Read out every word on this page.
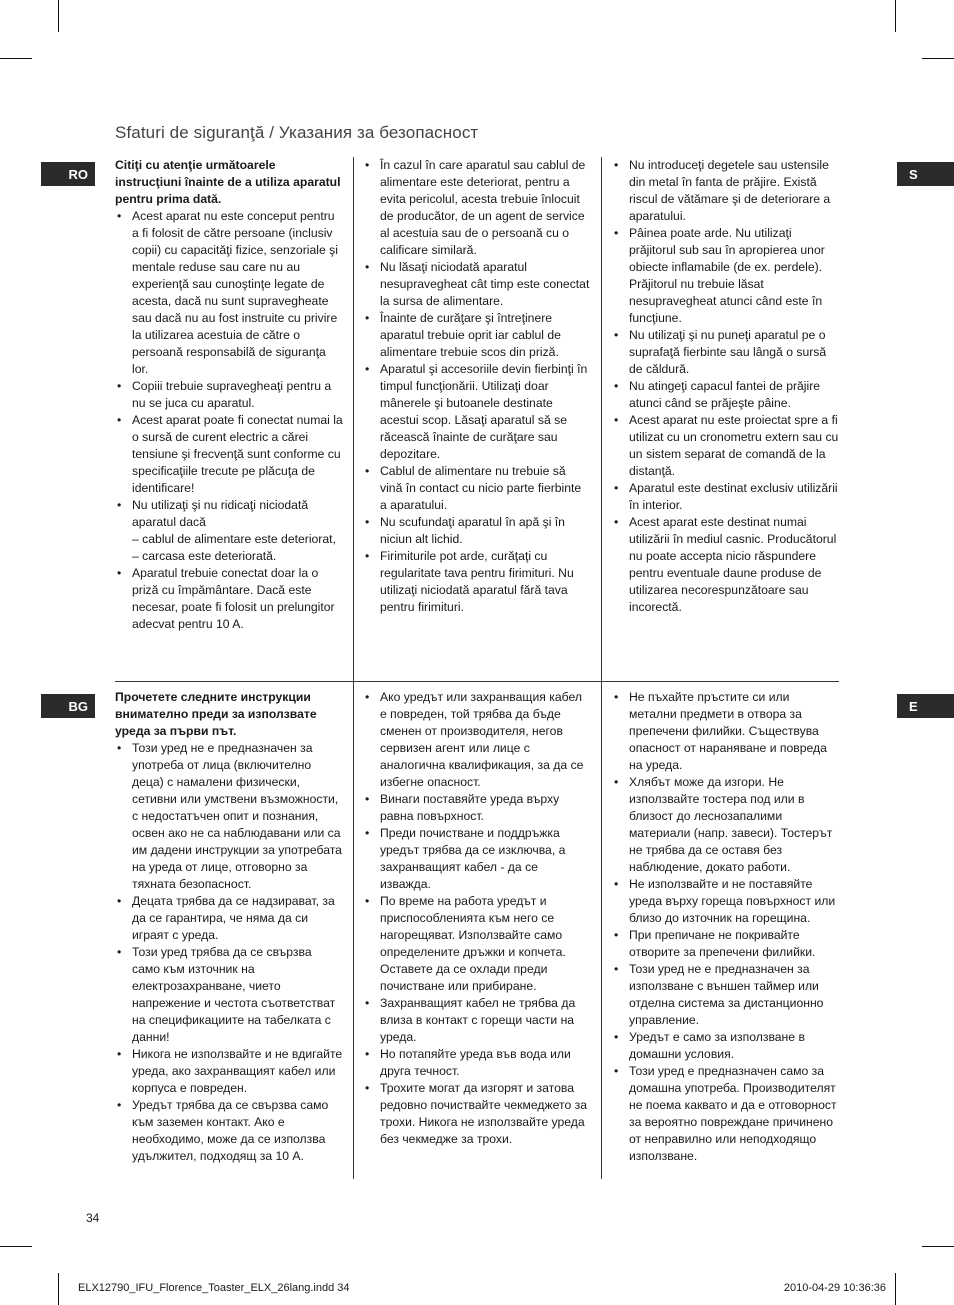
Sfaturi de siguranţă / Указания за безопасност
RO	S

Citiţi cu atenţie următoarele instrucţiuni înainte de a utiliza aparatul pentru prima dată.

• Acest aparat nu este conceput pentru a fi folosit de către persoane (inclusiv copii) cu capacităţi fizice, senzoriale şi mentale reduse sau care nu au experienţă sau cunoştinţe legate de acesta, dacă nu sunt supravegheate sau dacă nu au fost instruite cu privire la utilizarea acestuia de către o persoană responsabilă de siguranţa lor.
• Copiii trebuie supravegheaţi pentru a nu se juca cu aparatul.
• Acest aparat poate fi conectat numai la o sursă de curent electric a cărei tensiune şi frecvenţă sunt conforme cu specificaţiile trecute pe plăcuţa de identificare!
• Nu utilizaţi şi nu ridicaţi niciodată aparatul dacă
– cablul de alimentare este deteriorat,
– carcasa este deteriorată.
• Aparatul trebuie conectat doar la o priză cu împământare. Dacă este necesar, poate fi folosit un prelungitor adecvat pentru 10 A.
• În cazul în care aparatul sau cablul de alimentare este deteriorat, pentru a evita pericolul, acesta trebuie înlocuit de producător, de un agent de service al acestuia sau de o persoană cu o calificare similară.
• Nu lăsaţi niciodată aparatul nesupravegheat cât timp este conectat la sursa de alimentare.
• Înainte de curăţare şi întreţinere aparatul trebuie oprit iar cablul de alimentare trebuie scos din priză.
• Aparatul şi accesoriile devin fierbinţi în timpul funcţionării. Utilizaţi doar mânerele şi butoanele destinate acestui scop. Lăsaţi aparatul să se răcească înainte de curăţare sau depozitare.
• Cablul de alimentare nu trebuie să vină în contact cu nicio parte fierbinte a aparatului.
• Nu scufundaţi aparatul în apă şi în niciun alt lichid.
• Firimiturile pot arde, curăţaţi cu regularitate tava pentru firimituri. Nu utilizaţi niciodată aparatul fără tava pentru firimituri.
• Nu introduceţi degetele sau ustensile din metal în fanta de prăjire. Există riscul de vătămare şi de deteriorare a aparatului.
• Pâinea poate arde. Nu utilizaţi prăjitorul sub sau în apropierea unor obiecte inflamabile (de ex. perdele). Prăjitorul nu trebuie lăsat nesupravegheat atunci când este în funcţiune.
• Nu utilizaţi şi nu puneţi aparatul pe o suprafaţă fierbinte sau lângă o sursă de căldură.
• Nu atingeţi capacul fantei de prăjire atunci când se prăjeşte pâine.
• Acest aparat nu este proiectat spre a fi utilizat cu un cronometru extern sau cu un sistem separat de comandă de la distanţă.
• Aparatul este destinat exclusiv utilizării în interior.
• Acest aparat este destinat numai utilizării în mediul casnic. Producătorul nu poate accepta nicio răspundere pentru eventuale daune produse de utilizarea necorespunzătoare sau incorectă.
BG	E

Прочетете следните инструкции внимателно преди за използвате уреда за първи път.

• Този уред не е предназначен за употреба от лица (включително деца) с намалени физически, сетивни или умствени възможности, с недостатъчен опит и познания, освен ако не са наблюдавани или са им дадени инструкции за употребата на уреда от лице, отговорно за тяхната безопасност.
• Децата трябва да се надзирават, за да се гарантира, че няма да си играят с уреда.
• Този уред трябва да се свързва само към източник на електрозахранване, чието напрежение и честота съответстват на спецификациите на табелката с данни!
• Никога не използвайте и не вдигайте уреда, ако захранващият кабел или корпуса е повреден.
• Уредът трябва да се свързва само към заземен контакт. Ако е необходимо, може да се използва удължител, подходящ за 10 А.
• Ако уредът или захранващия кабел е повреден, той трябва да бъде сменен от производителя, негов сервизен агент или лице с аналогична квалификация, за да се избегне опасност.
• Винаги поставяйте уреда върху равна повърхност.
• Преди почистване и поддръжка уредът трябва да се изключва, а захранващият кабел - да се изважда.
• По време на работа уредът и приспособленията към него се нагорещяват. Използвайте само определените дръжки и копчета. Оставете да се охлади преди почистване или прибиране.
• Захранващият кабел не трябва да влиза в контакт с горещи части на уреда.
• Но потапяйте уреда във вода или друга течност.
• Трохите могат да изгорят и затова редовно почиствайте чекмеджето за трохи. Никога не използвайте уреда без чекмедже за трохи.
• Не пъхайте пръстите си или метални предмети в отвора за препечени филийки. Съществува опасност от нараняване и повреда на уреда.
• Хлябът може да изгори. Не използвайте тостера под или в близост до леснозапалими материали (напр. завеси). Тостерът не трябва да се оставя без наблюдение, докато работи.
• Не използвайте и не поставяйте уреда върху гореща повърхност или близо до източник на горещина.
• При препичане не покривайте отворите за препечени филийки.
• Този уред не е предназначен за използване с външен таймер или отделна система за дистанционно управление.
• Уредът е само за използване в домашни условия.
• Този уред е предназначен само за домашна употреба. Производителят не поема каквато и да е отговорност за вероятно повреждане причинено от неправилно или неподходящо използване.
34
ELX12790_IFU_Florence_Toaster_ELX_26lang.indd 34	2010-04-29 10:36:36
